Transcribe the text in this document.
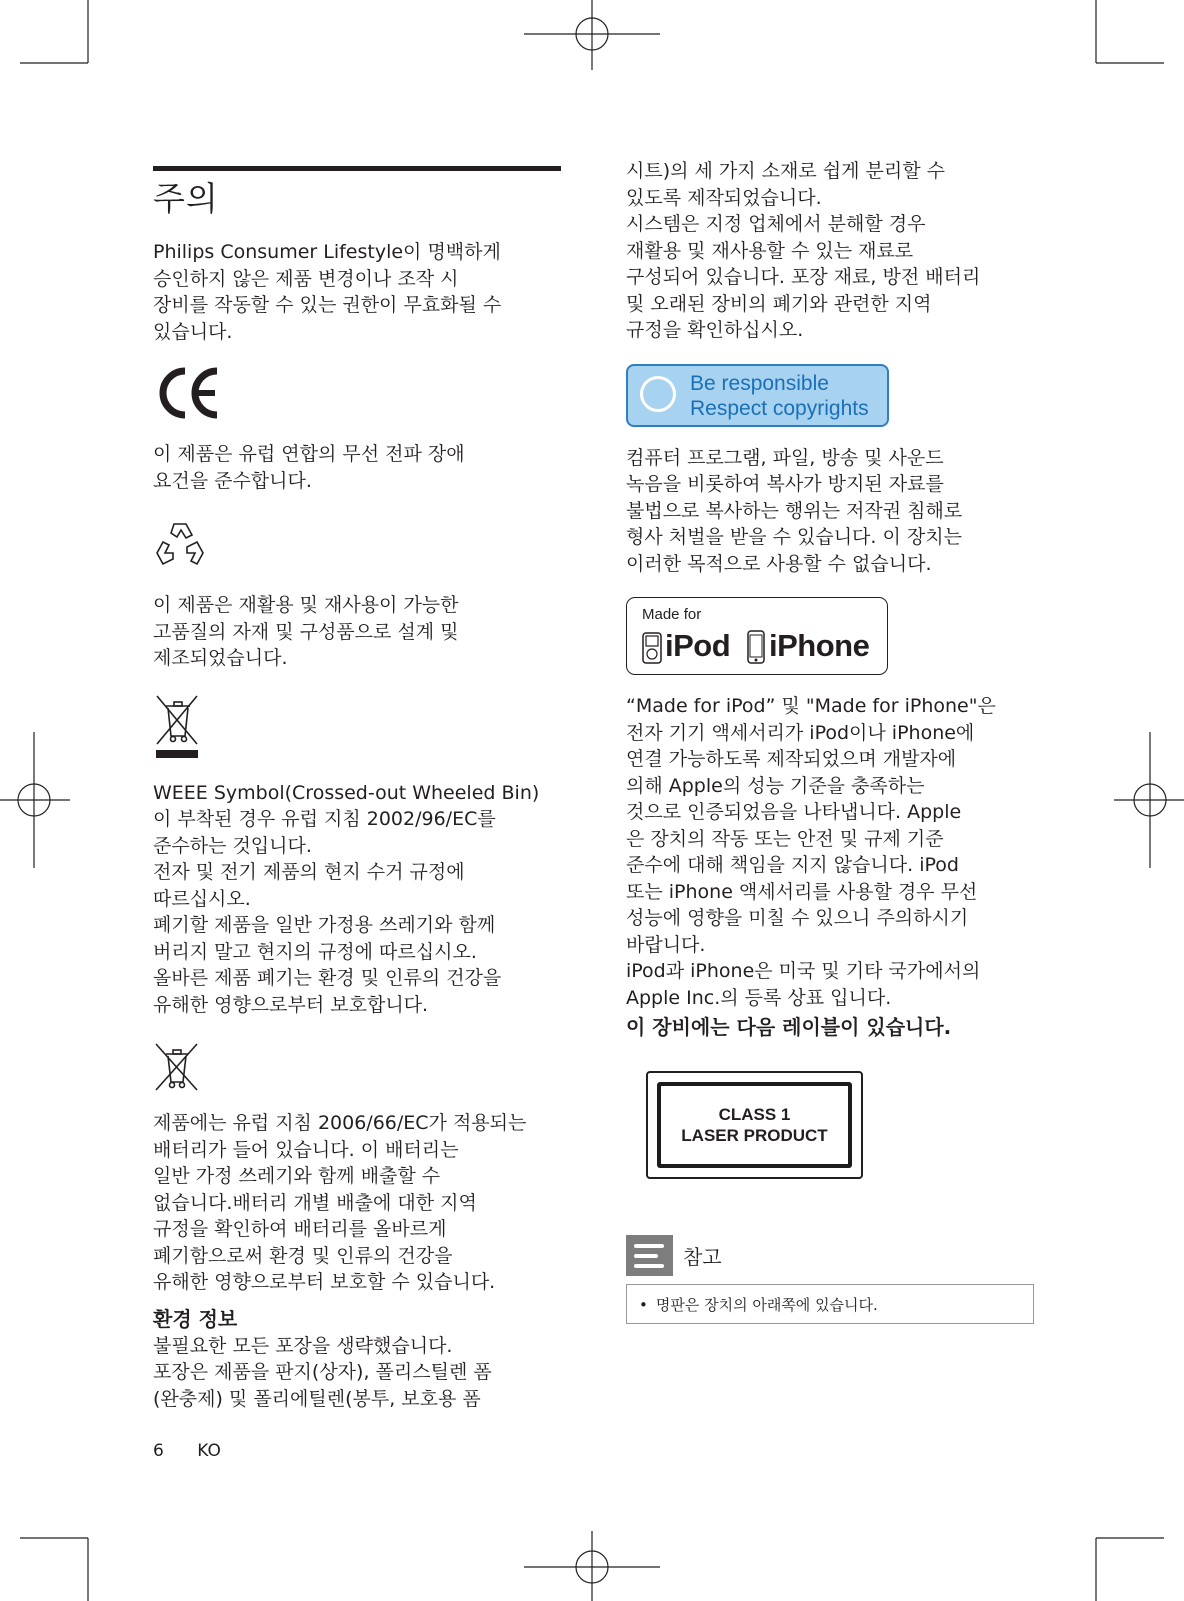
주의

Philips Consumer Lifestyle이 명백하게
승인하지 않은 제품 변경이나 조작 시
장비를 작동할 수 있는 권한이 무효화될 수
있습니다.

이 제품은 유럽 연합의 무선 전파 장애
요건을 준수합니다.

이 제품은 재활용 및 재사용이 가능한
고품질의 자재 및 구성품으로 설계 및
제조되었습니다.

WEEE Symbol(Crossed-out Wheeled Bin)
이 부착된 경우 유럽 지침 2002/96/EC를
준수하는 것입니다.
전자 및 전기 제품의 현지 수거 규정에
따르십시오.
폐기할 제품을 일반 가정용 쓰레기와 함께
버리지 말고 현지의 규정에 따르십시오.
올바른 제품 폐기는 환경 및 인류의 건강을
유해한 영향으로부터 보호합니다.

제품에는 유럽 지침 2006/66/EC가 적용되는
배터리가 들어 있습니다. 이 배터리는
일반 가정 쓰레기와 함께 배출할 수
없습니다.배터리 개별 배출에 대한 지역
규정을 확인하여 배터리를 올바르게
폐기함으로써 환경 및 인류의 건강을
유해한 영향으로부터 보호할 수 있습니다.

환경 정보

불필요한 모든 포장을 생략했습니다.
포장은 제품을 판지(상자), 폴리스틸렌 폼
(완충제) 및 폴리에틸렌(봉투, 보호용 폼

시트)의 세 가지 소재로 쉽게 분리할 수
있도록 제작되었습니다.
시스템은 지정 업체에서 분해할 경우
재활용 및 재사용할 수 있는 재료로
구성되어 있습니다. 포장 재료, 방전 배터리
및 오래된 장비의 폐기와 관련한 지역
규정을 확인하십시오.

Be responsible
Respect copyrights

컴퓨터 프로그램, 파일, 방송 및 사운드
녹음을 비롯하여 복사가 방지된 자료를
불법으로 복사하는 행위는 저작권 침해로
형사 처벌을 받을 수 있습니다. 이 장치는
이러한 목적으로 사용할 수 없습니다.

Made for
iPod iPhone

“Made for iPod” 및 "Made for iPhone"은
전자 기기 액세서리가 iPod이나 iPhone에
연결 가능하도록 제작되었으며 개발자에
의해 Apple의 성능 기준을 충족하는
것으로 인증되었음을 나타냅니다. Apple
은 장치의 작동 또는 안전 및 규제 기준
준수에 대해 책임을 지지 않습니다. iPod
또는 iPhone 액세서리를 사용할 경우 무선
성능에 영향을 미칠 수 있으니 주의하시기
바랍니다.
iPod과 iPhone은 미국 및 기타 국가에서의
Apple Inc.의 등록 상표 입니다.

이 장비에는 다음 레이블이 있습니다.
CLASS 1
LASER PRODUCT
참고
• 명판은 장치의 아래쪽에 있습니다.
6 KO
